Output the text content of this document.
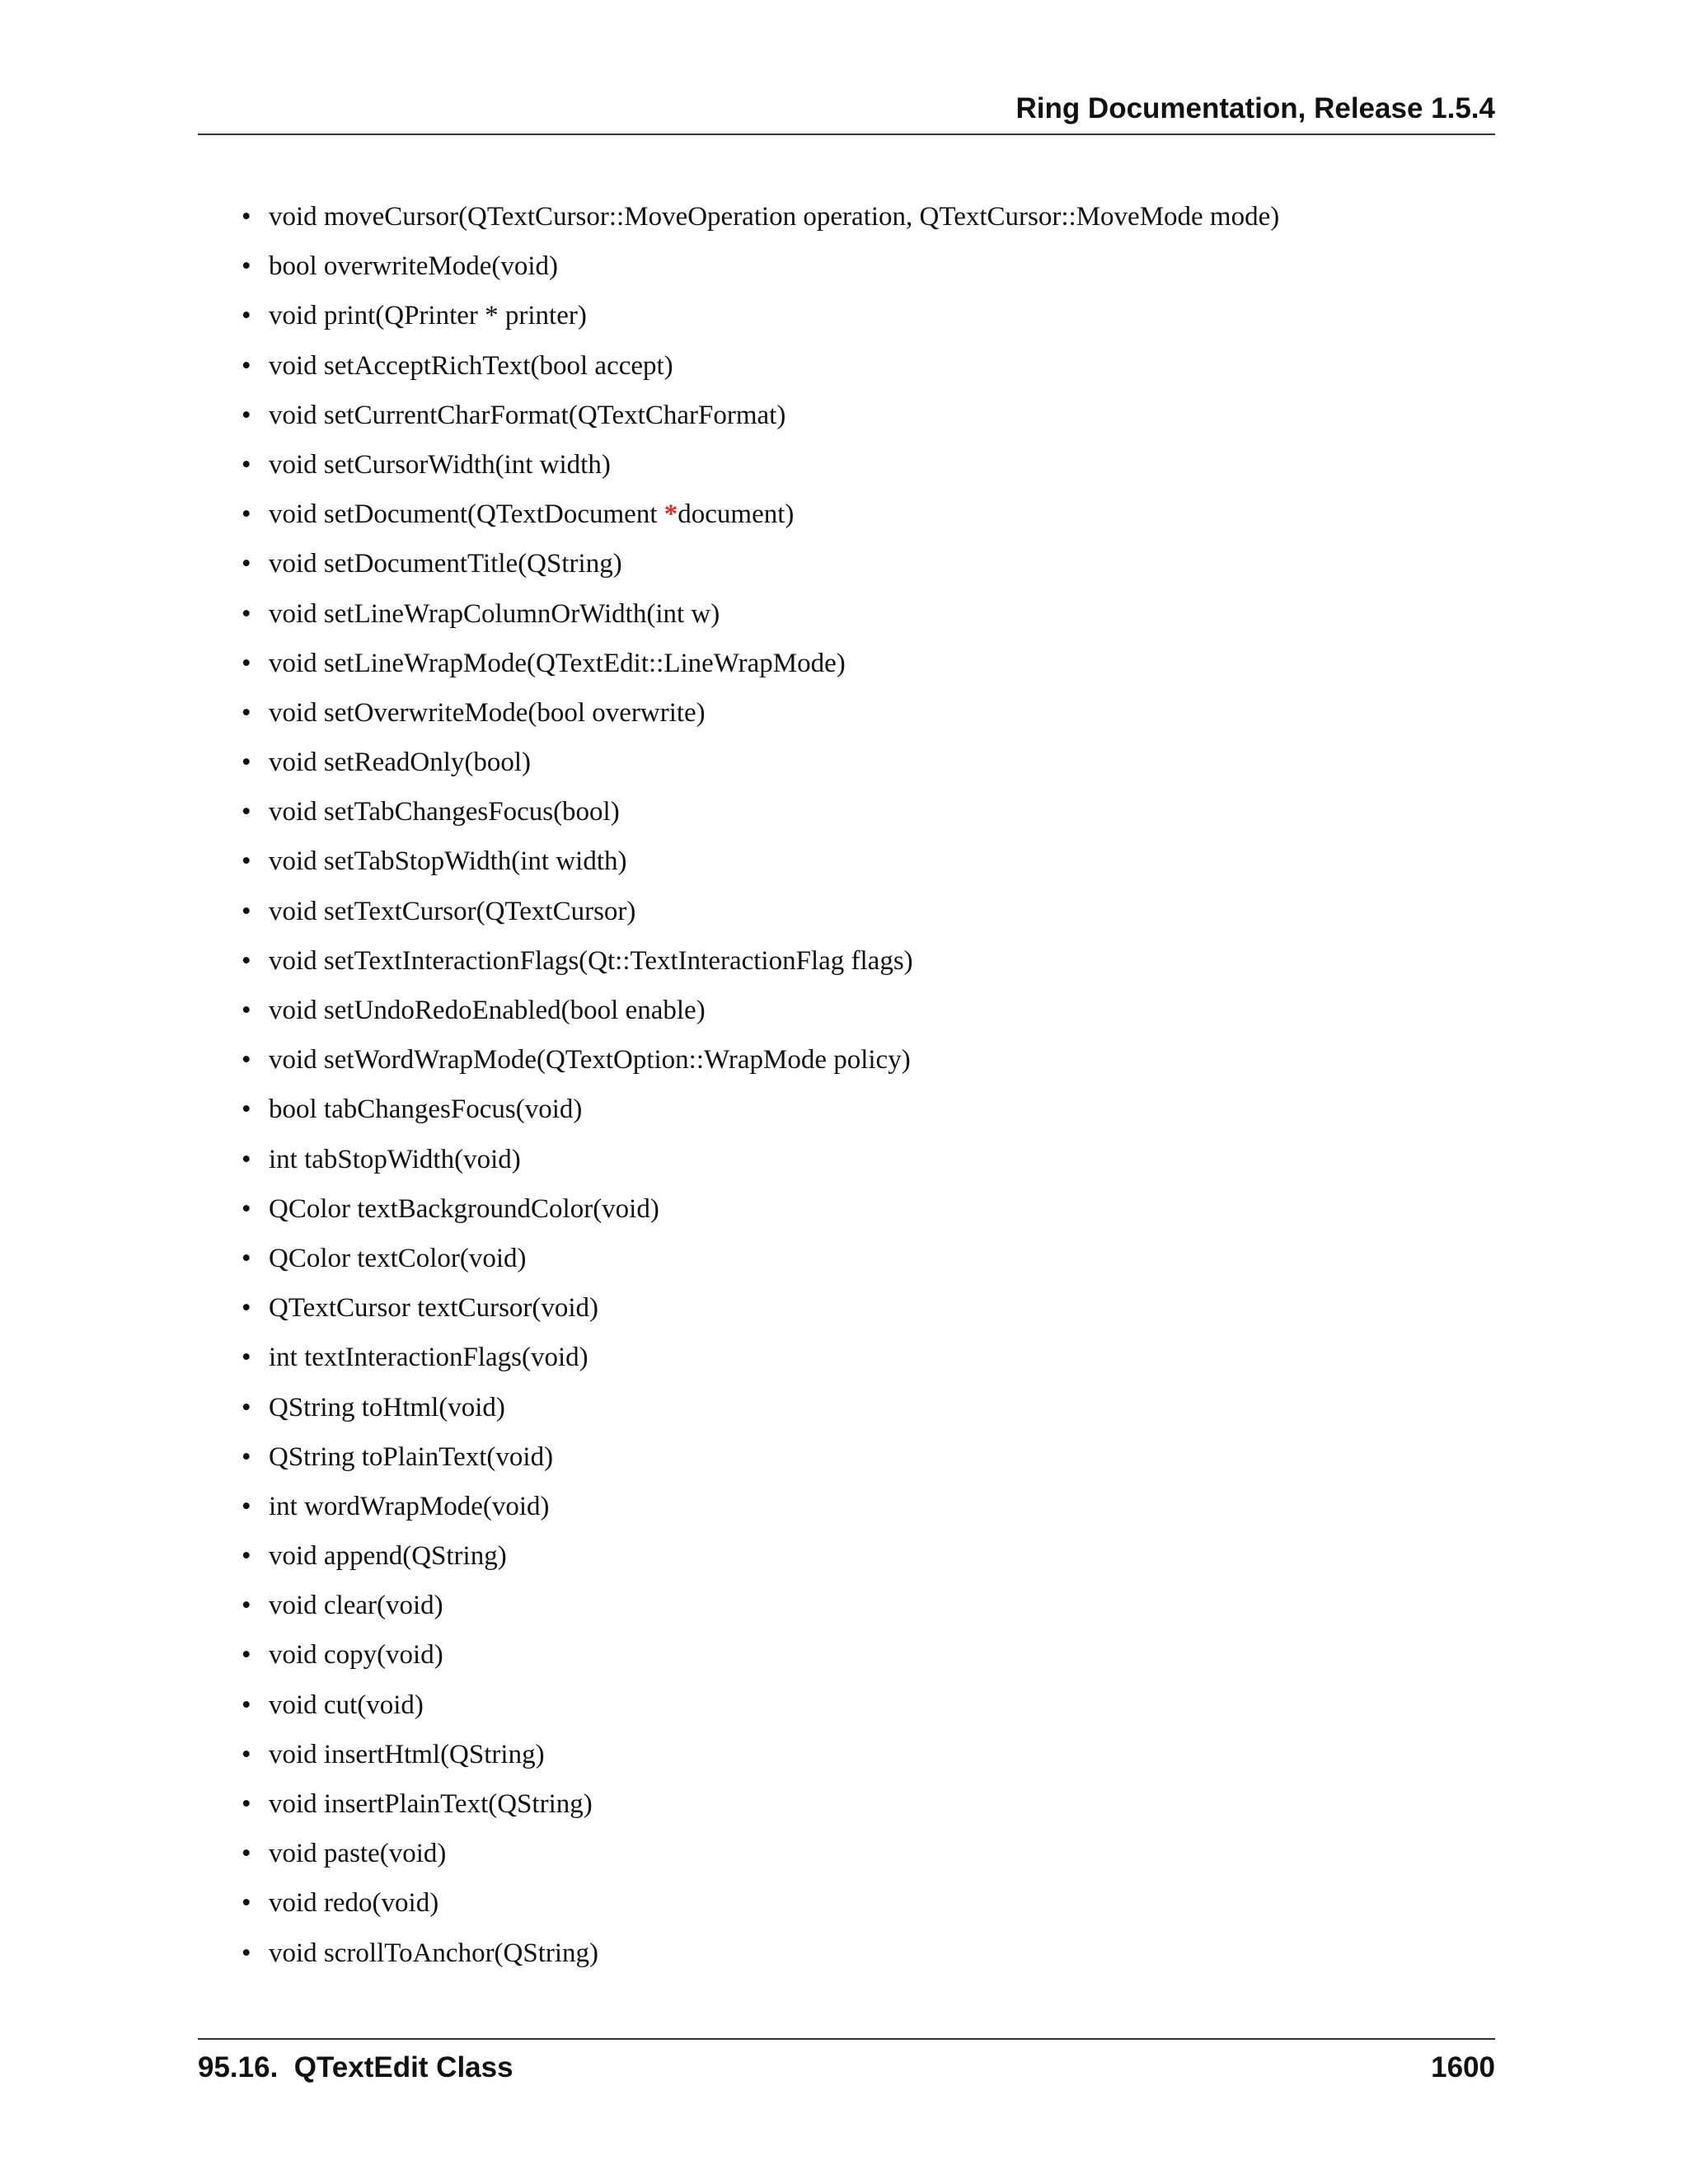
Ring Documentation, Release 1.5.4
• void moveCursor(QTextCursor::MoveOperation operation, QTextCursor::MoveMode mode)
• bool overwriteMode(void)
• void print(QPrinter * printer)
• void setAcceptRichText(bool accept)
• void setCurrentCharFormat(QTextCharFormat)
• void setCursorWidth(int width)
• void setDocument(QTextDocument *document)
• void setDocumentTitle(QString)
• void setLineWrapColumnOrWidth(int w)
• void setLineWrapMode(QTextEdit::LineWrapMode)
• void setOverwriteMode(bool overwrite)
• void setReadOnly(bool)
• void setTabChangesFocus(bool)
• void setTabStopWidth(int width)
• void setTextCursor(QTextCursor)
• void setTextInteractionFlags(Qt::TextInteractionFlag flags)
• void setUndoRedoEnabled(bool enable)
• void setWordWrapMode(QTextOption::WrapMode policy)
• bool tabChangesFocus(void)
• int tabStopWidth(void)
• QColor textBackgroundColor(void)
• QColor textColor(void)
• QTextCursor textCursor(void)
• int textInteractionFlags(void)
• QString toHtml(void)
• QString toPlainText(void)
• int wordWrapMode(void)
• void append(QString)
• void clear(void)
• void copy(void)
• void cut(void)
• void insertHtml(QString)
• void insertPlainText(QString)
• void paste(void)
• void redo(void)
• void scrollToAnchor(QString)
95.16.  QTextEdit Class	1600
